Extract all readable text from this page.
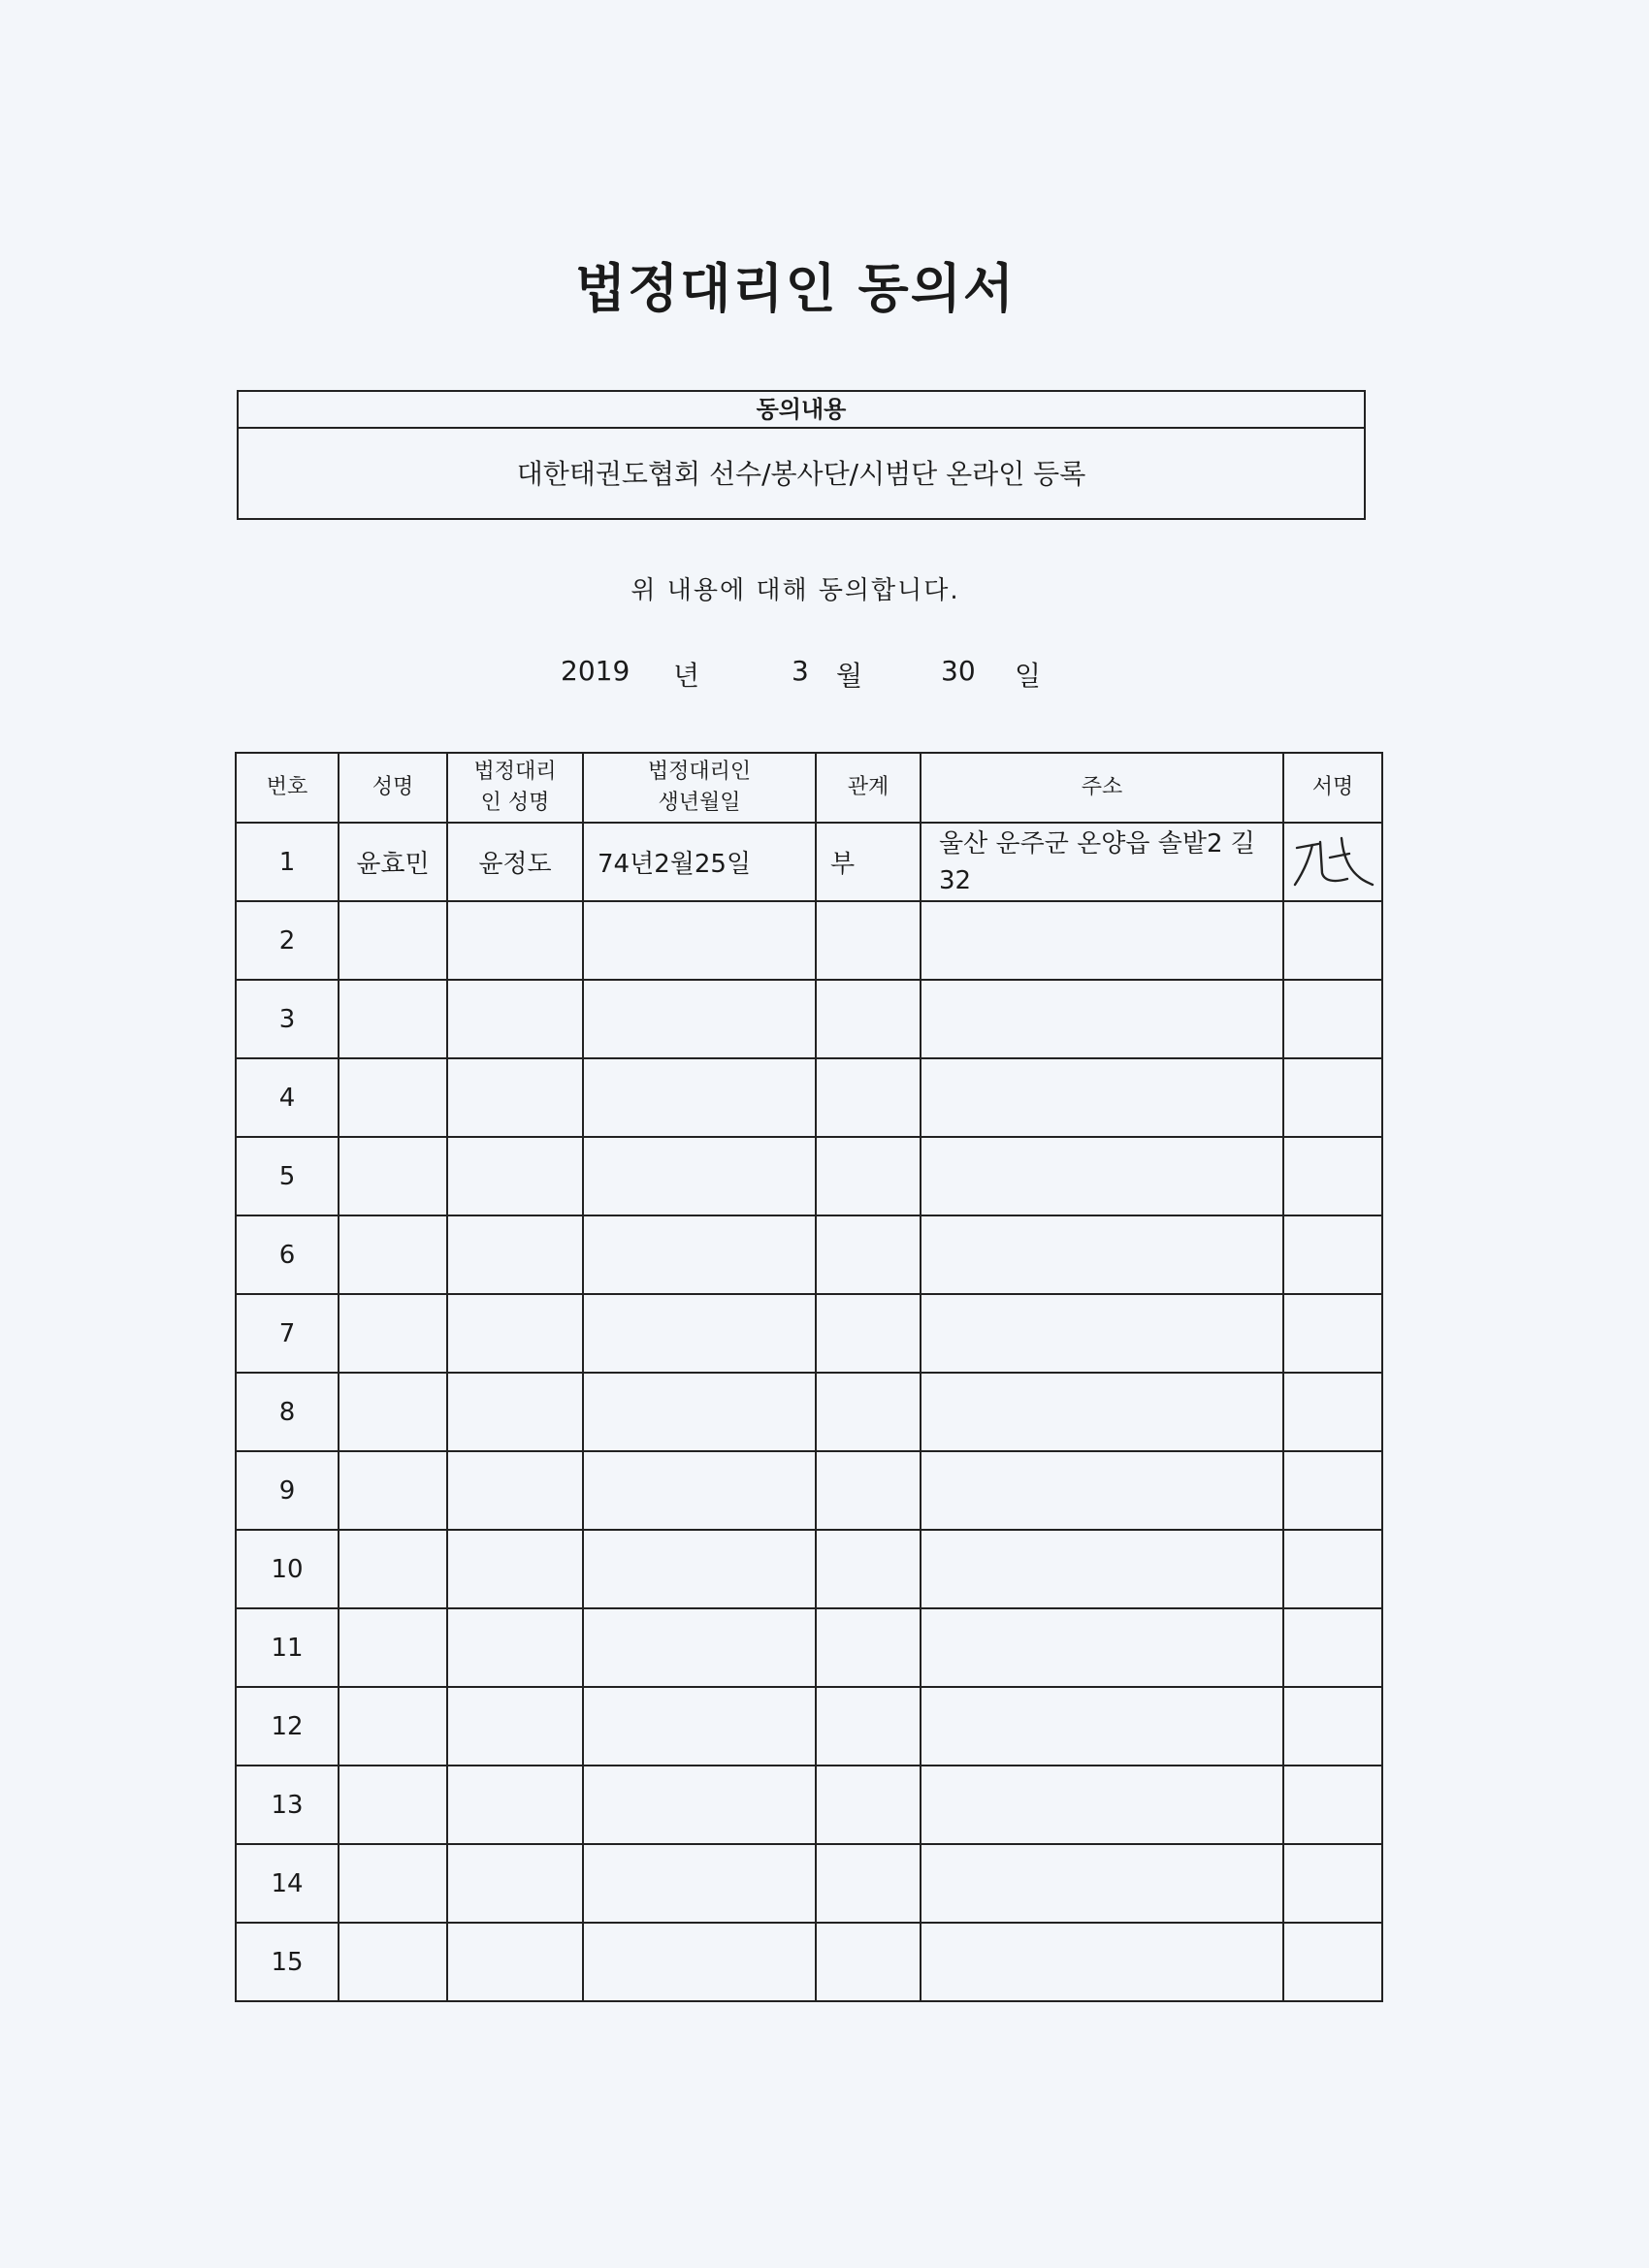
법정대리인 동의서
동의내용
대한태권도협회 선수/봉사단/시범단 온라인 등록
위 내용에 대해 동의합니다.
2019 년	3 월	30 일
번호	성명	법정대리인 성명	법정대리인 생년월일	관계	주소	서명
1	윤효민	윤정도	74년2월25일	부	울산 운주군 온양읍 솔밭2 길 32	

2						
3						
4						
5						
6						
7						
8						
9						
10						
11						
12						
13						
14						
15						
